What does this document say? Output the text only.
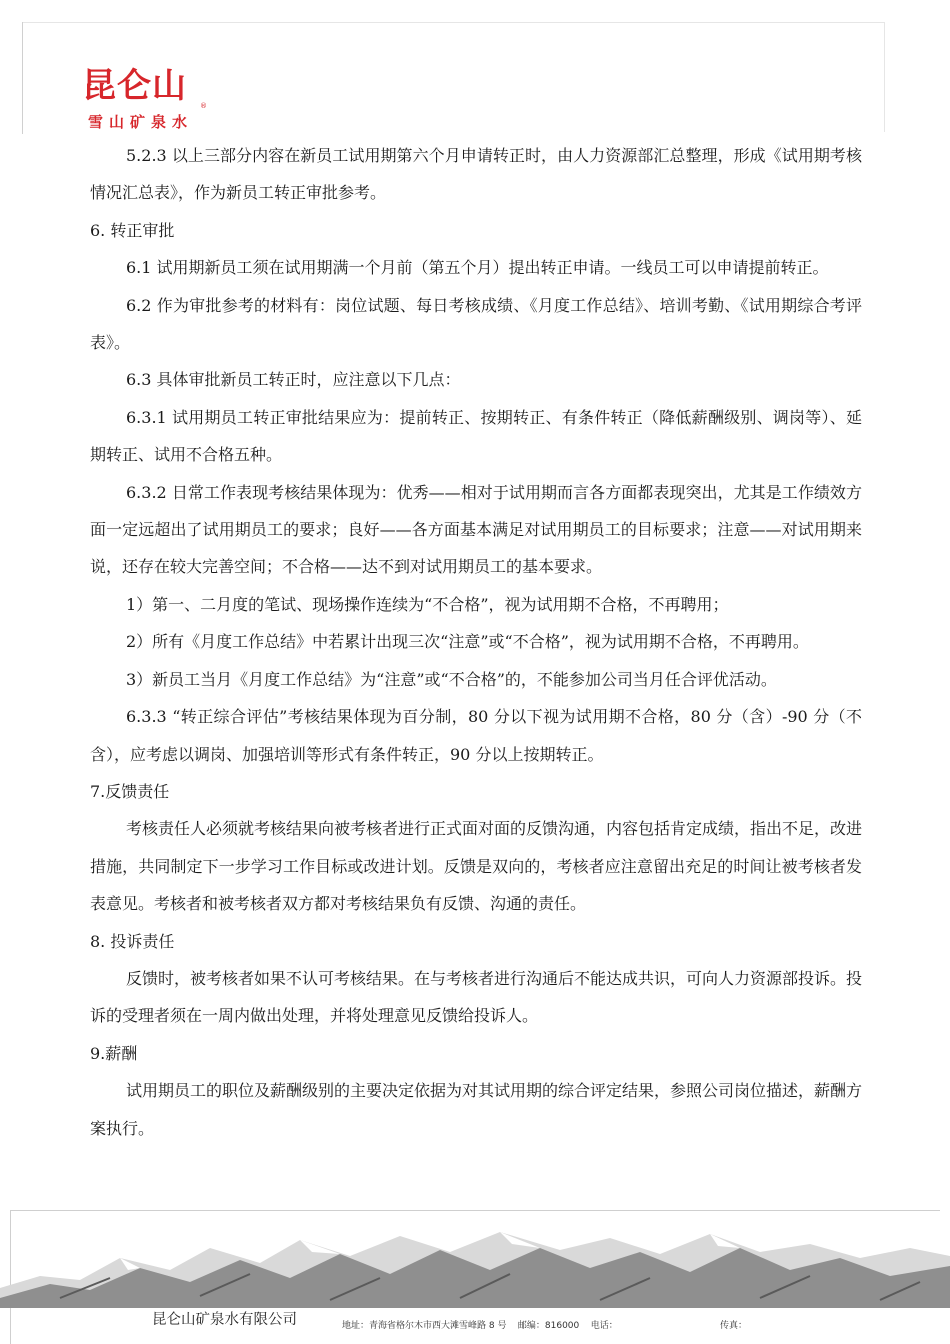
昆仑山 ®
雪山矿泉水

5.2.3 以上三部分内容在新员工试用期第六个月申请转正时，由人力资源部汇总整理，形成《试用期考核情况汇总表》，作为新员工转正审批参考。

6. 转正审批

6.1 试用期新员工须在试用期满一个月前（第五个月）提出转正申请。一线员工可以申请提前转正。

6.2 作为审批参考的材料有：岗位试题、每日考核成绩、《月度工作总结》、培训考勤、《试用期综合考评表》。

6.3 具体审批新员工转正时，应注意以下几点：

6.3.1 试用期员工转正审批结果应为：提前转正、按期转正、有条件转正（降低薪酬级别、调岗等）、延期转正、试用不合格五种。

6.3.2 日常工作表现考核结果体现为：优秀——相对于试用期而言各方面都表现突出，尤其是工作绩效方面一定远超出了试用期员工的要求；良好——各方面基本满足对试用期员工的目标要求；注意——对试用期来说，还存在较大完善空间；不合格——达不到对试用期员工的基本要求。

1）第一、二月度的笔试、现场操作连续为“不合格”，视为试用期不合格，不再聘用；

2）所有《月度工作总结》中若累计出现三次“注意”或“不合格”，视为试用期不合格，不再聘用。

3）新员工当月《月度工作总结》为“注意”或“不合格”的，不能参加公司当月任合评优活动。

6.3.3 “转正综合评估”考核结果体现为百分制，80 分以下视为试用期不合格，80 分（含）-90 分（不含），应考虑以调岗、加强培训等形式有条件转正，90 分以上按期转正。

7.反馈责任

考核责任人必须就考核结果向被考核者进行正式面对面的反馈沟通，内容包括肯定成绩，指出不足，改进措施，共同制定下一步学习工作目标或改进计划。反馈是双向的，考核者应注意留出充足的时间让被考核者发表意见。考核者和被考核者双方都对考核结果负有反馈、沟通的责任。

8. 投诉责任

反馈时，被考核者如果不认可考核结果。在与考核者进行沟通后不能达成共识，可向人力资源部投诉。投诉的受理者须在一周内做出处理，并将处理意见反馈给投诉人。

9.薪酬

试用期员工的职位及薪酬级别的主要决定依据为对其试用期的综合评定结果，参照公司岗位描述，薪酬方案执行。

昆仑山矿泉水有限公司	地址：青海省格尔木市西大滩雪峰路 8 号    邮编：816000    电话：	传真：
